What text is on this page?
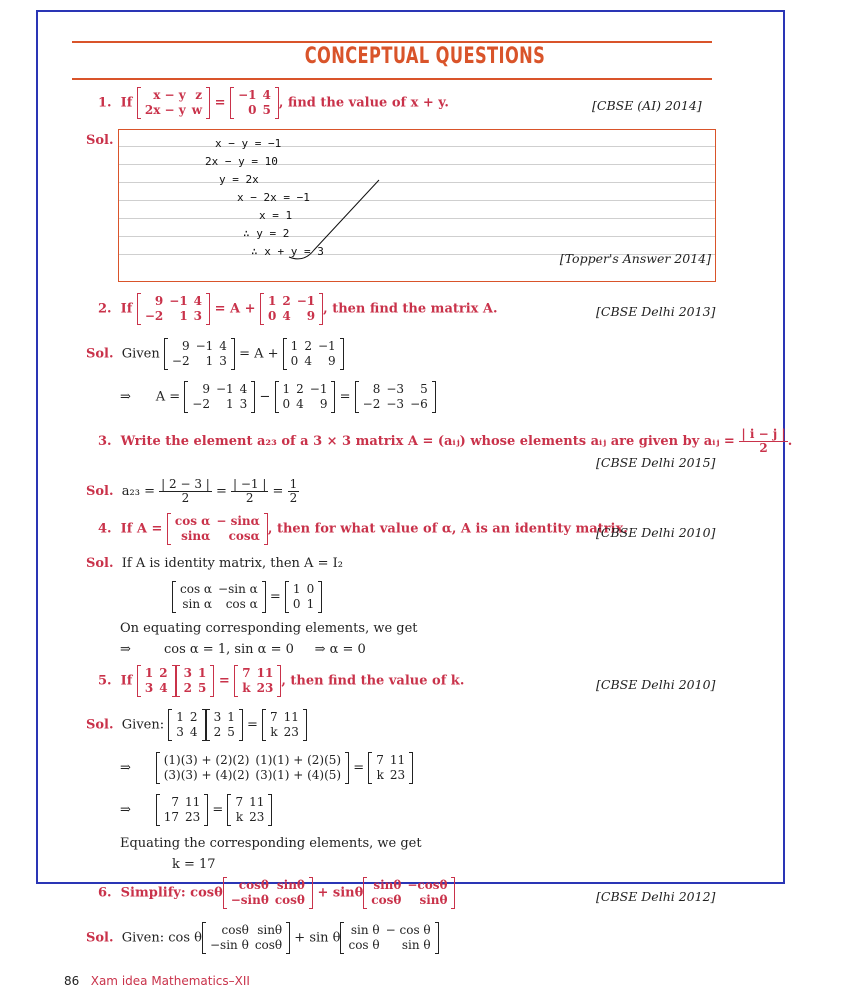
CONCEPTUAL QUESTIONS
1. If
x − y	z
2x − y	w =
−1	4
0	5 , find the value of x + y.	[CBSE (AI) 2014]
Sol.	x − y = −1
2x − y = 10
y = 2x
x − 2x = −1
x = 1
∴ y = 2
∴ x + y = 3	[Topper's Answer 2014]
2. If
9	−1	4
−2	1	3 = A +
1	2	−1
0	4	9 , then find the matrix A.	[CBSE Delhi 2013]
Sol. Given
9	−1	4
−2	1	3 = A +
1	2	−1
0	4	9
⇒ A =
9	−1	4
−2	1	3 −
1	2	−1
0	4	9 =
8	−3	5
−2	−3	−6
3. Write the element a₂₃ of a 3 × 3 matrix A = (aᵢⱼ) whose elements aᵢⱼ are given by aᵢⱼ = $\frac{| i - j |}{2}$ .
[CBSE Delhi 2015]
Sol. $a_{23} = \frac{| 2 - 3 |}{2} = \frac{| -1 |}{2} = \frac{1}{2}$
4. If A =
cos α	− sinα
sinα	cosα , then for what value of α, A is an identity matrix.
[CBSE Delhi 2010]
Sol. If A is identity matrix, then A = I₂
cos α	−sin α
sin α	cos α =
1	0
0	1
On equating corresponding elements, we get
⇒	cos α = 1, sin α = 0 ⇒ α = 0
5. If
1	2
3	4
3	1
2	5 =
7	11
k	23 , then find the value of k.	[CBSE Delhi 2010]
Sol. Given:
1	2
3	4
3	1
2	5 =
7	11
k	23
⇒
(1)(3) + (2)(2)	(1)(1) + (2)(5)
(3)(3) + (4)(2)	(3)(1) + (4)(5) =
7	11
k	23
⇒
7	11
17	23 =
7	11
k	23
Equating the corresponding elements, we get
k = 17
6. Simplify: cosθ
cosθ	sinθ
−sinθ	cosθ + sinθ
sinθ	−cosθ
cosθ	sinθ	[CBSE Delhi 2012]
Sol. Given: cos θ
cosθ	sinθ
−sin θ	cosθ + sin θ
sin θ	− cos θ
cos θ	sin θ
86 Xam idea Mathematics–XII
